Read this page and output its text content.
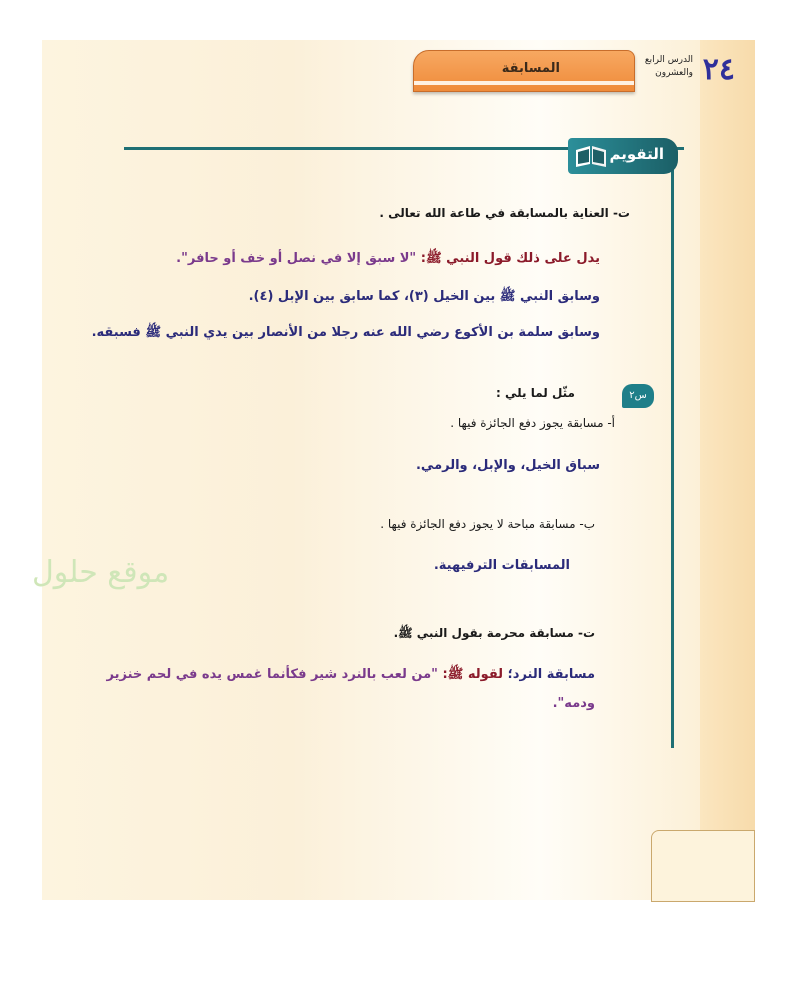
المسابقة
الدرس الرابع والعشرون ٢٤
التقويم
ت- العناية بالمسابقة في طاعة الله تعالى .
يدل على ذلك قول النبي ﷺ: "لا سبق إلا في نصل أو خف أو حافر".
وسابق النبي ﷺ بين الخيل (٣)، كما سابق بين الإبل (٤).
وسابق سلمة بن الأكوع رضي الله عنه رجلا من الأنصار بين يدي النبي ﷺ فسبقه.
س٢
مثّل لما يلي :
أ- مسابقة يجوز دفع الجائزة فيها .
سباق الخيل، والإبل، والرمي.
ب- مسابقة مباحة لا يجوز دفع الجائزة فيها .
المسابقات الترفيهية.
ت- مسابقة محرمة بقول النبي ﷺ.
مسابقة النرد؛ لقوله ﷺ: "من لعب بالنرد شير فكأنما غمس يده في لحم خنزير
ودمه".
موقع حلول
